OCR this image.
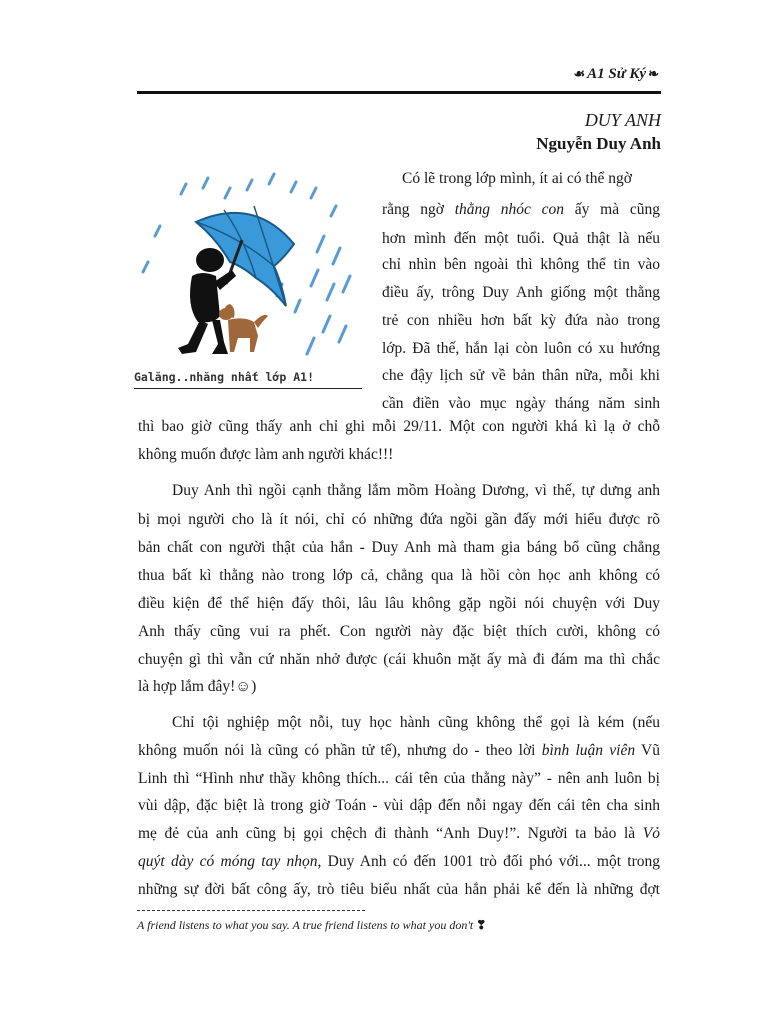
☙ A1 Sử Ký ❧
DUY ANH
Nguyễn Duy Anh
Galăng..nhăng nhất lớp A1!
Có lẽ trong lớp mình, ít ai có thể ngờ
rằng ngờ thằng nhóc con ấy mà cũng
hơn mình đến một tuổi. Quả thật là nếu
chỉ nhìn bên ngoài thì không thể tin vào
điều ấy, trông Duy Anh giống một thằng
trẻ con nhiều hơn bất kỳ đứa nào trong
lớp. Đã thế, hắn lại còn luôn có xu hướng
che đậy lịch sử về bản thân nữa, mỗi khi
cần điền vào mục ngày tháng năm sinh
thì bao giờ cũng thấy anh chỉ ghi mỗi 29/11. Một con người khá kì lạ ở chỗ
không muốn được làm anh người khác!!!
Duy Anh thì ngồi cạnh thằng lắm mồm Hoàng Dương, vì thế, tự dưng anh
bị mọi người cho là ít nói, chỉ có những đứa ngồi gần đấy mới hiểu được rõ
bản chất con người thật của hắn - Duy Anh mà tham gia báng bổ cũng chẳng
thua bất kì thằng nào trong lớp cả, chẳng qua là hồi còn học anh không có
điều kiện để thể hiện đấy thôi, lâu lâu không gặp ngồi nói chuyện với Duy
Anh thấy cũng vui ra phết. Con người này đặc biệt thích cười, không có
chuyện gì thì vẫn cứ nhăn nhở được (cái khuôn mặt ấy mà đi đám ma thì chắc
là hợp lắm đây!☺)
Chỉ tội nghiệp một nỗi, tuy học hành cũng không thể gọi là kém (nếu
không muốn nói là cũng có phần tử tế), nhưng do - theo lời bình luận viên Vũ
Linh thì “Hình như thầy không thích... cái tên của thằng này” - nên anh luôn bị
vùi dập, đặc biệt là trong giờ Toán - vùi dập đến nỗi ngay đến cái tên cha sinh
mẹ đẻ của anh cũng bị gọi chệch đi thành “Anh Duy!”. Người ta bảo là Vỏ
quýt dày có móng tay nhọn, Duy Anh có đến 1001 trò đối phó với... một trong
những sự đời bất công ấy, trò tiêu biểu nhất của hắn phải kể đến là những đợt
A friend listens to what you say. A true friend listens to what you don't ❣
